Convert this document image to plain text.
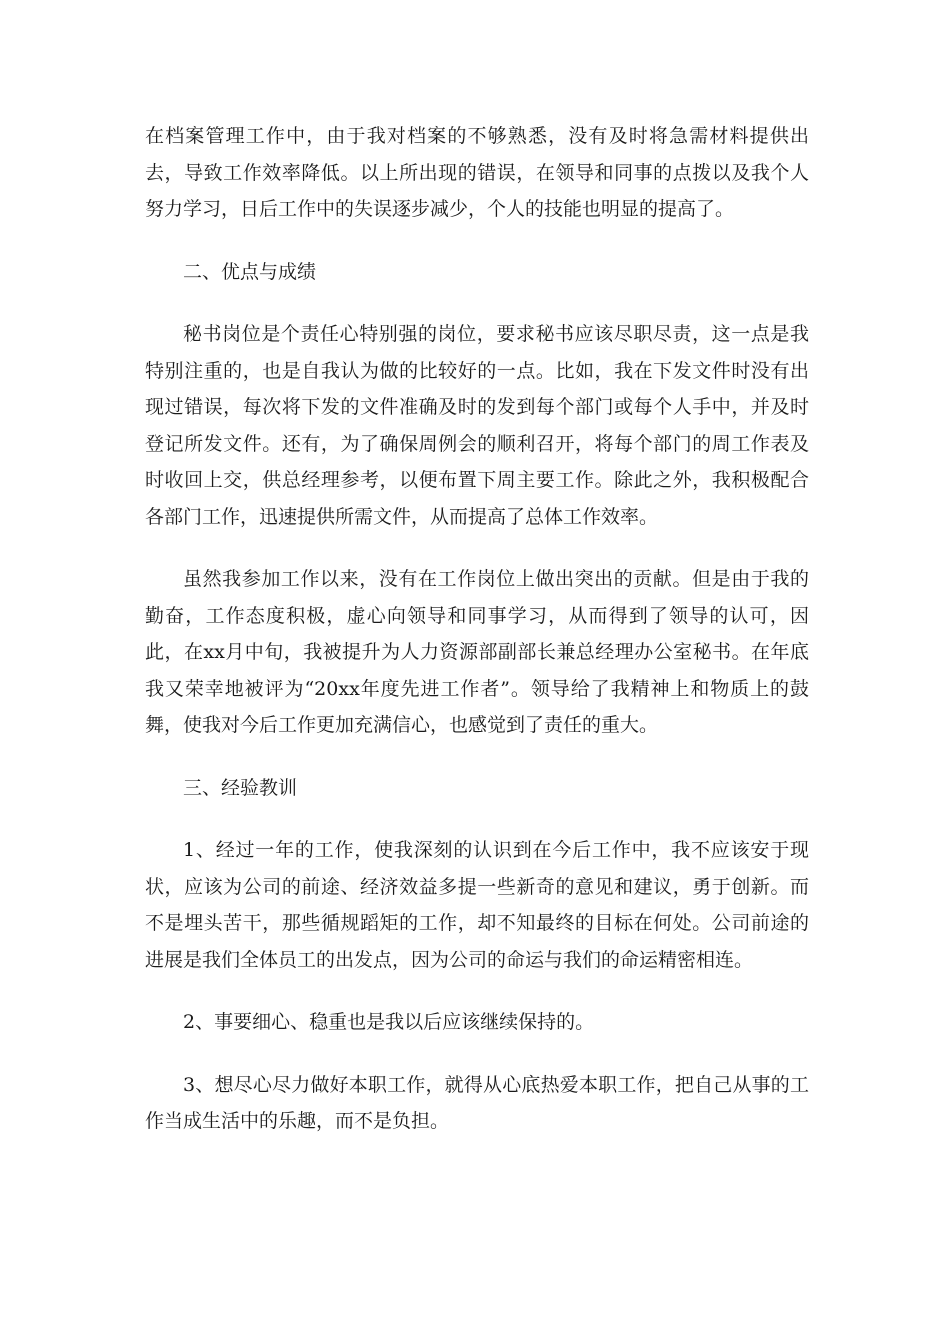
在档案管理工作中，由于我对档案的不够熟悉，没有及时将急需材料提供出去，导致工作效率降低。以上所出现的错误，在领导和同事的点拨以及我个人努力学习，日后工作中的失误逐步减少，个人的技能也明显的提高了。

二、优点与成绩

秘书岗位是个责任心特别强的岗位，要求秘书应该尽职尽责，这一点是我特别注重的，也是自我认为做的比较好的一点。比如，我在下发文件时没有出现过错误，每次将下发的文件准确及时的发到每个部门或每个人手中，并及时登记所发文件。还有，为了确保周例会的顺利召开，将每个部门的周工作表及时收回上交，供总经理参考，以便布置下周主要工作。除此之外，我积极配合各部门工作，迅速提供所需文件，从而提高了总体工作效率。

虽然我参加工作以来，没有在工作岗位上做出突出的贡献。但是由于我的勤奋，工作态度积极，虚心向领导和同事学习，从而得到了领导的认可，因此，在xx月中旬，我被提升为人力资源部副部长兼总经理办公室秘书。在年底我又荣幸地被评为“20xx年度先进工作者”。领导给了我精神上和物质上的鼓舞，使我对今后工作更加充满信心，也感觉到了责任的重大。

三、经验教训

1、经过一年的工作，使我深刻的认识到在今后工作中，我不应该安于现状，应该为公司的前途、经济效益多提一些新奇的意见和建议，勇于创新。而不是埋头苦干，那些循规蹈矩的工作，却不知最终的目标在何处。公司前途的进展是我们全体员工的出发点，因为公司的命运与我们的命运精密相连。

2、事要细心、稳重也是我以后应该继续保持的。

3、想尽心尽力做好本职工作，就得从心底热爱本职工作，把自己从事的工作当成生活中的乐趣，而不是负担。
